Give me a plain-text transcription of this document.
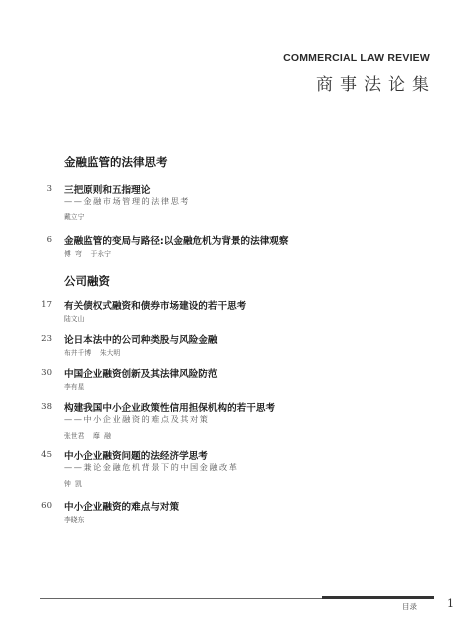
COMMERCIAL LAW REVIEW
商事法论集
金融监管的法律思考
3 三把原则和五指理论
——金融市场管理的法律思考
戴立宁
6 金融监管的变局与路径:以金融危机为背景的法律观察
傅  穹    于永宁
公司融资
17 有关债权式融资和债券市场建设的若干思考
陆文山
23 论日本法中的公司种类股与风险金融
布井千博    朱大明
30 中国企业融资创新及其法律风险防范
李有星
38 构建我国中小企业政策性信用担保机构的若干思考
——中小企业融资的难点及其对策
张世君    靡  融
45 中小企业融资问题的法经济学思考
——兼论金融危机背景下的中国金融改革
钟  凯
60 中小企业融资的难点与对策
李晓东
目录	1
